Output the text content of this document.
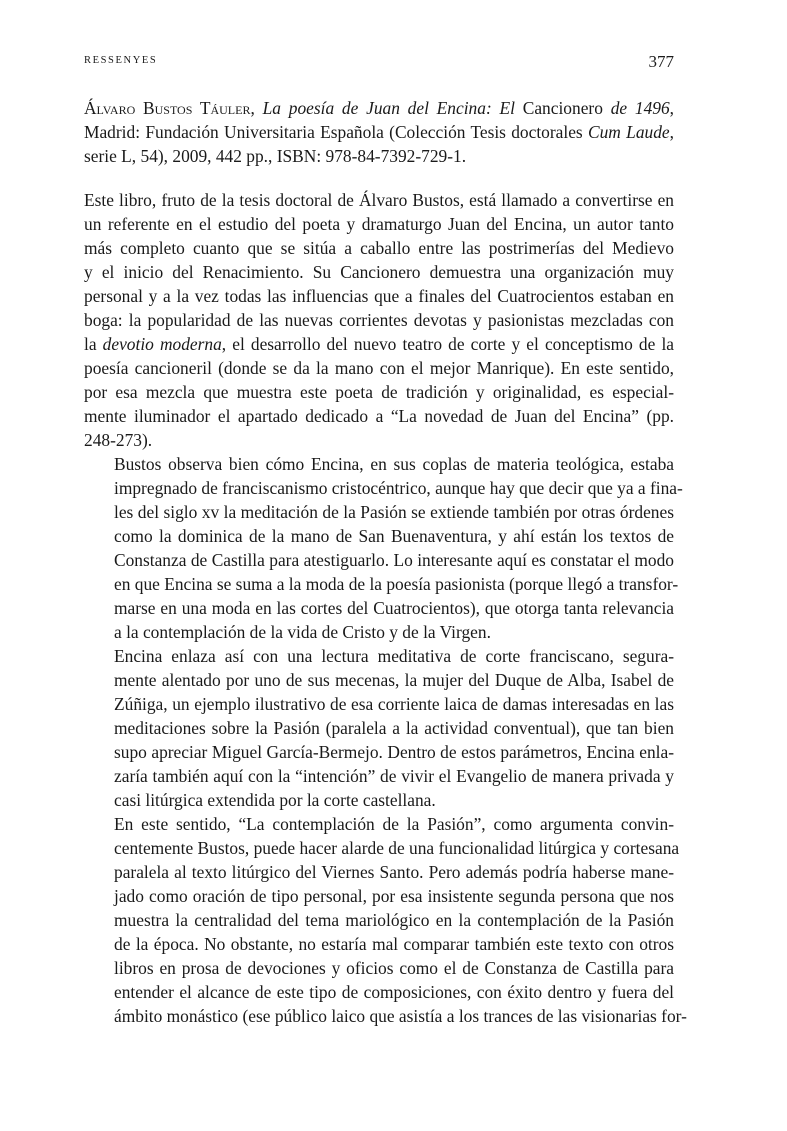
RESSENYES	377
Álvaro Bustos Táuler, La poesía de Juan del Encina: El Cancionero de 1496, Madrid: Fundación Universitaria Española (Colección Tesis doctorales Cum Laude, serie L, 54), 2009, 442 pp., ISBN: 978-84-7392-729-1.

Este libro, fruto de la tesis doctoral de Álvaro Bustos, está llamado a convertirse en
un referente en el estudio del poeta y dramaturgo Juan del Encina, un autor tanto
más completo cuanto que se sitúa a caballo entre las postrimerías del Medievo
y el inicio del Renacimiento. Su Cancionero demuestra una organización muy
personal y a la vez todas las influencias que a finales del Cuatrocientos estaban en
boga: la popularidad de las nuevas corrientes devotas y pasionistas mezcladas con
la devotio moderna, el desarrollo del nuevo teatro de corte y el conceptismo de la
poesía cancioneril (donde se da la mano con el mejor Manrique). En este sentido,
por esa mezcla que muestra este poeta de tradición y originalidad, es especial-
mente iluminador el apartado dedicado a “La novedad de Juan del Encina” (pp.
248-273).

Bustos observa bien cómo Encina, en sus coplas de materia teológica, estaba
impregnado de franciscanismo cristocéntrico, aunque hay que decir que ya a fina-
les del siglo xv la meditación de la Pasión se extiende también por otras órdenes
como la dominica de la mano de San Buenaventura, y ahí están los textos de
Constanza de Castilla para atestiguarlo. Lo interesante aquí es constatar el modo
en que Encina se suma a la moda de la poesía pasionista (porque llegó a transfor-
marse en una moda en las cortes del Cuatrocientos), que otorga tanta relevancia
a la contemplación de la vida de Cristo y de la Virgen.

Encina enlaza así con una lectura meditativa de corte franciscano, segura-
mente alentado por uno de sus mecenas, la mujer del Duque de Alba, Isabel de
Zúñiga, un ejemplo ilustrativo de esa corriente laica de damas interesadas en las
meditaciones sobre la Pasión (paralela a la actividad conventual), que tan bien
supo apreciar Miguel García-Bermejo. Dentro de estos parámetros, Encina enla-
zaría también aquí con la “intención” de vivir el Evangelio de manera privada y
casi litúrgica extendida por la corte castellana.

En este sentido, “La contemplación de la Pasión”, como argumenta convin-
centemente Bustos, puede hacer alarde de una funcionalidad litúrgica y cortesana
paralela al texto litúrgico del Viernes Santo. Pero además podría haberse mane-
jado como oración de tipo personal, por esa insistente segunda persona que nos
muestra la centralidad del tema mariológico en la contemplación de la Pasión
de la época. No obstante, no estaría mal comparar también este texto con otros
libros en prosa de devociones y oficios como el de Constanza de Castilla para
entender el alcance de este tipo de composiciones, con éxito dentro y fuera del
ámbito monástico (ese público laico que asistía a los trances de las visionarias for-
